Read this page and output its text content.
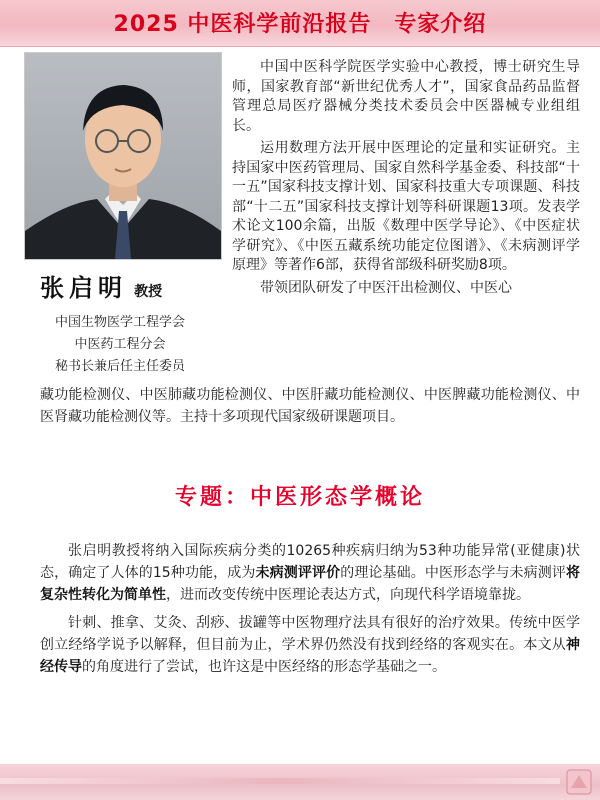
2025 中医科学前沿报告　专家介绍
张启明 教授
中国生物医学工程学会
中医药工程分会
秘书长兼后任主任委员

中国中医科学院医学实验中心教授，博士研究生导师，国家教育部“新世纪优秀人才”，国家食品药品监督管理总局医疗器械分类技术委员会中医器械专业组组长。

运用数理方法开展中医理论的定量和实证研究。主持国家中医药管理局、国家自然科学基金委、科技部“十一五”国家科技支撑计划、国家科技重大专项课题、科技部“十二五”国家科技支撑计划等科研课题13项。发表学术论文100余篇，出版《数理中医学导论》、《中医症状学研究》、《中医五藏系统功能定位图谱》、《未病测评学原理》等著作6部，获得省部级科研奖励8项。

带领团队研发了中医汗出检测仪、中医心

藏功能检测仪、中医肺藏功能检测仪、中医肝藏功能检测仪、中医脾藏功能检测仪、中医肾藏功能检测仪等。主持十多项现代国家级研课题项目。

专题：中医形态学概论

张启明教授将纳入国际疾病分类的10265种疾病归纳为53种功能异常(亚健康)状态，确定了人体的15种功能，成为未病测评评价的理论基础。中医形态学与未病测评将复杂性转化为简单性，进而改变传统中医理论表达方式，向现代科学语境靠拢。

针刺、推拿、艾灸、刮痧、拔罐等中医物理疗法具有很好的治疗效果。传统中医学创立经络学说予以解释，但目前为止，学术界仍然没有找到经络的客观实在。本文从神经传导的角度进行了尝试，也许这是中医经络的形态学基础之一。
